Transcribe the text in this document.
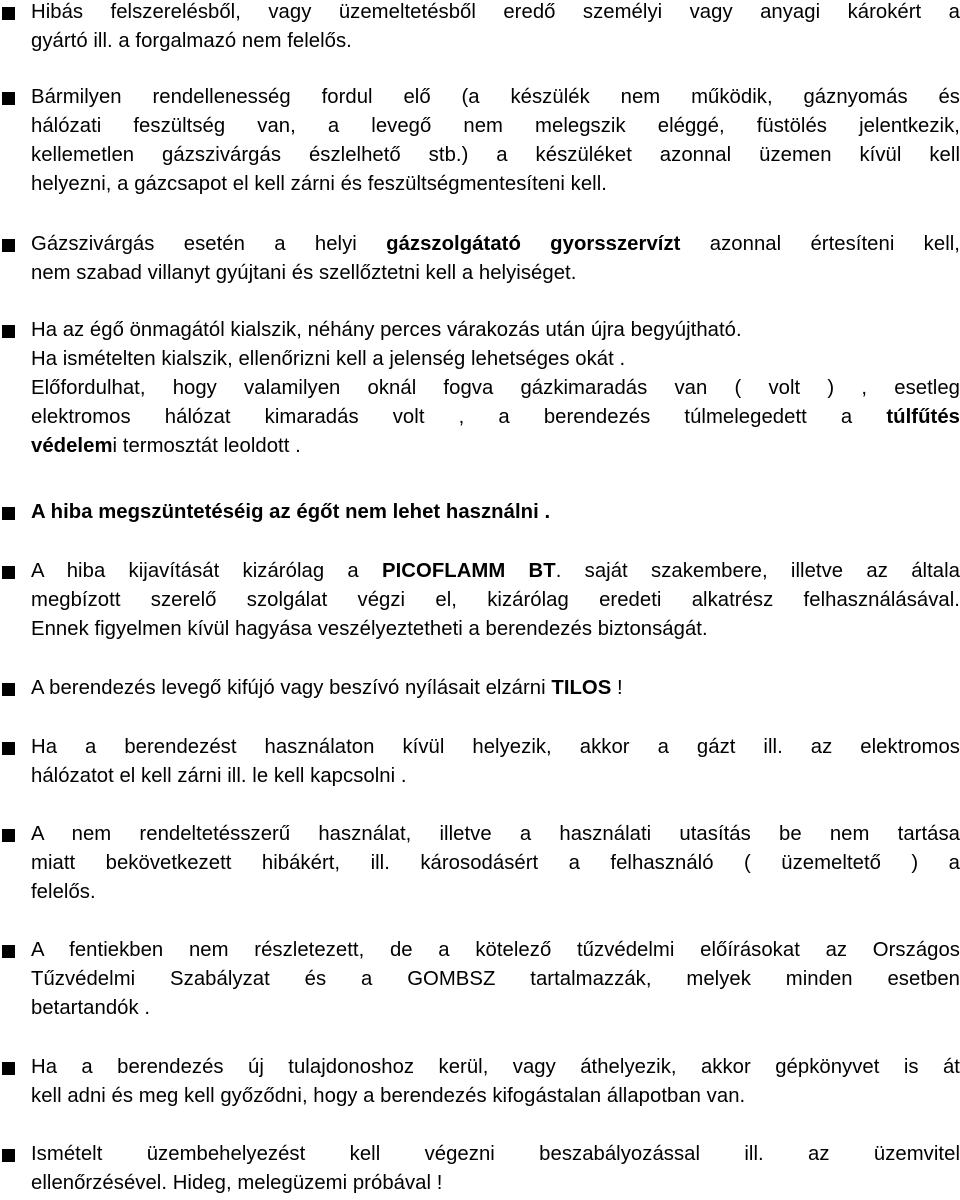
Hibás felszerelésből, vagy üzemeltetésből eredő személyi vagy anyagi károkért a
gyártó ill. a forgalmazó nem felelős.
Bármilyen rendellenesség fordul elő (a készülék nem működik, gáznyomás és
hálózati feszültség van, a levegő nem melegszik eléggé, füstölés jelentkezik,
kellemetlen gázszivárgás észlelhető stb.) a készüléket azonnal üzemen kívül kell
helyezni, a gázcsapot el kell zárni és feszültségmentesíteni kell.
Gázszivárgás esetén a helyi gázszolgátató gyorsszervízt azonnal értesíteni kell,
nem szabad villanyt gyújtani és szellőztetni kell a helyiséget.
Ha az égő önmagától kialszik, néhány perces várakozás után újra begyújtható.
Ha ismételten kialszik, ellenőrizni kell a jelenség lehetséges okát .
Előfordulhat, hogy valamilyen oknál fogva gázkimaradás van ( volt ) , esetleg
elektromos hálózat kimaradás volt , a berendezés túlmelegedett a túlfűtés
védelemi termosztát leoldott .
A hiba megszüntetéséig az égőt nem lehet használni .
A hiba kijavítását kizárólag a PICOFLAMM BT. saját szakembere, illetve az általa
megbízott szerelő szolgálat végzi el, kizárólag eredeti alkatrész felhasználásával.
Ennek figyelmen kívül hagyása veszélyeztetheti a berendezés biztonságát.
A berendezés levegő kifújó vagy beszívó nyílásait elzárni TILOS !
Ha a berendezést használaton kívül helyezik, akkor a gázt ill. az elektromos
hálózatot el kell zárni ill. le kell kapcsolni .
A nem rendeltetésszerű használat, illetve a használati utasítás be nem tartása
miatt bekövetkezett hibákért, ill. károsodásért a felhasználó ( üzemeltető ) a
felelős.
A fentiekben nem részletezett, de a kötelező tűzvédelmi előírásokat az Országos
Tűzvédelmi Szabályzat és a GOMBSZ tartalmazzák, melyek minden esetben
betartandók .
Ha a berendezés új tulajdonoshoz kerül, vagy áthelyezik, akkor gépkönyvet is át
kell adni és meg kell győződni, hogy a berendezés kifogástalan állapotban van.
Ismételt üzembehelyezést kell végezni beszabályozással ill. az üzemvitel
ellenőrzésével. Hideg, melegüzemi próbával !
